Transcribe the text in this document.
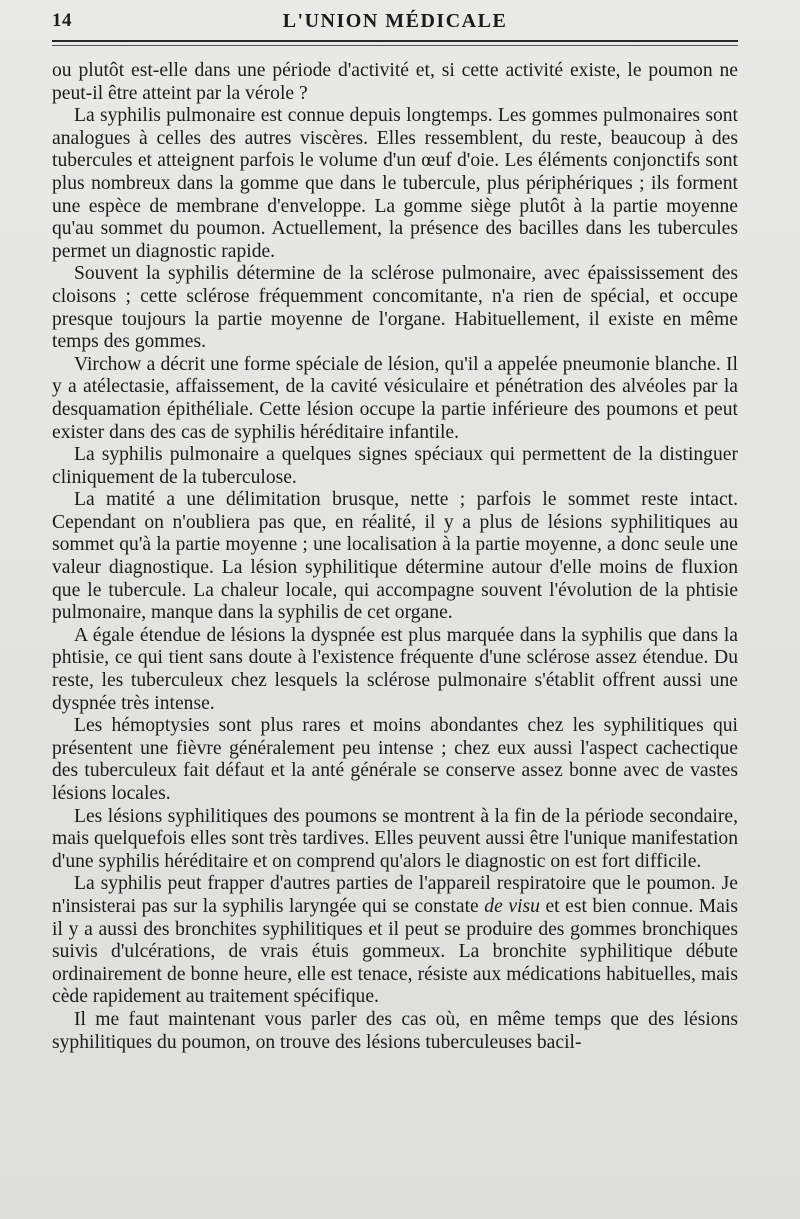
14	L'UNION MÉDICALE

ou plutôt est-elle dans une période d'activité et, si cette activité existe, le poumon ne peut-il être atteint par la vérole ?

La syphilis pulmonaire est connue depuis longtemps. Les gommes pulmonaires sont analogues à celles des autres viscères. Elles ressemblent, du reste, beaucoup à des tubercules et atteignent parfois le volume d'un œuf d'oie. Les éléments conjonctifs sont plus nombreux dans la gomme que dans le tubercule, plus périphériques ; ils forment une espèce de membrane d'enveloppe. La gomme siège plutôt à la partie moyenne qu'au sommet du poumon. Actuellement, la présence des bacilles dans les tubercules permet un diagnostic rapide.

Souvent la syphilis détermine de la sclérose pulmonaire, avec épaississement des cloisons ; cette sclérose fréquemment concomitante, n'a rien de spécial, et occupe presque toujours la partie moyenne de l'organe. Habituellement, il existe en même temps des gommes.

Virchow a décrit une forme spéciale de lésion, qu'il a appelée pneumonie blanche. Il y a atélectasie, affaissement, de la cavité vésiculaire et pénétration des alvéoles par la desquamation épithéliale. Cette lésion occupe la partie inférieure des poumons et peut exister dans des cas de syphilis héréditaire infantile.

La syphilis pulmonaire a quelques signes spéciaux qui permettent de la distinguer cliniquement de la tuberculose.

La matité a une délimitation brusque, nette ; parfois le sommet reste intact. Cependant on n'oubliera pas que, en réalité, il y a plus de lésions syphilitiques au sommet qu'à la partie moyenne ; une localisation à la partie moyenne, a donc seule une valeur diagnostique. La lésion syphilitique détermine autour d'elle moins de fluxion que le tubercule. La chaleur locale, qui accompagne souvent l'évolution de la phtisie pulmonaire, manque dans la syphilis de cet organe.

A égale étendue de lésions la dyspnée est plus marquée dans la syphilis que dans la phtisie, ce qui tient sans doute à l'existence fréquente d'une sclérose assez étendue. Du reste, les tuberculeux chez lesquels la sclérose pulmonaire s'établit offrent aussi une dyspnée très intense.

Les hémoptysies sont plus rares et moins abondantes chez les syphilitiques qui présentent une fièvre généralement peu intense ; chez eux aussi l'aspect cachectique des tuberculeux fait défaut et la anté générale se conserve assez bonne avec de vastes lésions locales.

Les lésions syphilitiques des poumons se montrent à la fin de la période secondaire, mais quelquefois elles sont très tardives. Elles peuvent aussi être l'unique manifestation d'une syphilis héréditaire et on comprend qu'alors le diagnostic on est fort difficile.

La syphilis peut frapper d'autres parties de l'appareil respiratoire que le poumon. Je n'insisterai pas sur la syphilis laryngée qui se constate de visu et est bien connue. Mais il y a aussi des bronchites syphilitiques et il peut se produire des gommes bronchiques suivis d'ulcérations, de vrais étuis gommeux. La bronchite syphilitique débute ordinairement de bonne heure, elle est tenace, résiste aux médications habituelles, mais cède rapidement au traitement spécifique.

Il me faut maintenant vous parler des cas où, en même temps que des lésions syphilitiques du poumon, on trouve des lésions tuberculeuses bacil-
